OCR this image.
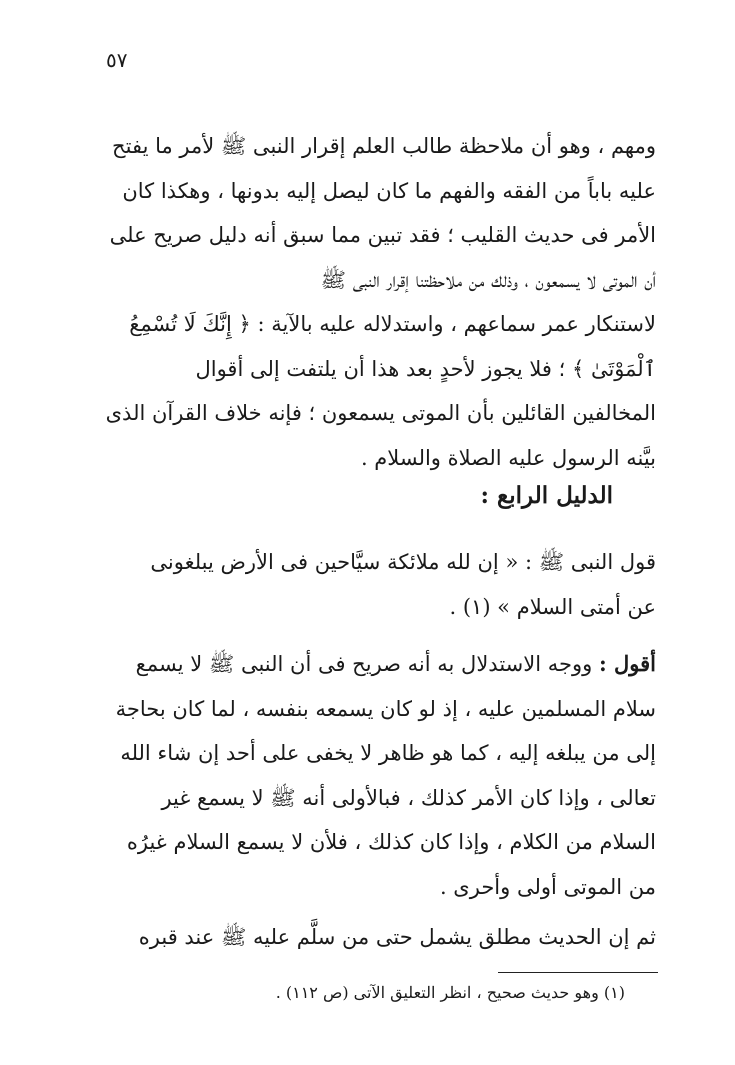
٥٧
ومهم ، وهو أن ملاحظة طالب العلم إقرار النبى ﷺ لأمر ما يفتح
عليه باباً من الفقه والفهم ما كان ليصل إليه بدونها ، وهكذا كان
الأمر فى حديث القليب ؛ فقد تبين مما سبق أنه دليل صريح على
أن الموتى لا يسمعون ، وذلك من ملاحظتنا إقرار النبى ﷺ
لاستنكار عمر سماعهم ، واستدلاله عليه بالآية : ﴿ إِنَّكَ لَا تُسْمِعُ
ٱلْمَوْتَىٰ ﴾ ؛ فلا يجوز لأحدٍ بعد هذا أن يلتفت إلى أقوال
المخالفين القائلين بأن الموتى يسمعون ؛ فإنه خلاف القرآن الذى
بيَّنه الرسول عليه الصلاة والسلام .
الدليل الرابع :
قول النبى ﷺ : « إن لله ملائكة سيَّاحين فى الأرض يبلغونى
عن أمتى السلام » (١) .
أقول : ووجه الاستدلال به أنه صريح فى أن النبى ﷺ لا يسمع
سلام المسلمين عليه ، إذ لو كان يسمعه بنفسه ، لما كان بحاجة
إلى من يبلغه إليه ، كما هو ظاهر لا يخفى على أحد إن شاء الله
تعالى ، وإذا كان الأمر كذلك ، فبالأولى أنه ﷺ لا يسمع غير
السلام من الكلام ، وإذا كان كذلك ، فلأن لا يسمع السلام غيرُه
من الموتى أولى وأحرى .
ثم إن الحديث مطلق يشمل حتى من سلَّم عليه ﷺ عند قبره
(١) وهو حديث صحيح ، انظر التعليق الآتى (ص ١١٢) .
